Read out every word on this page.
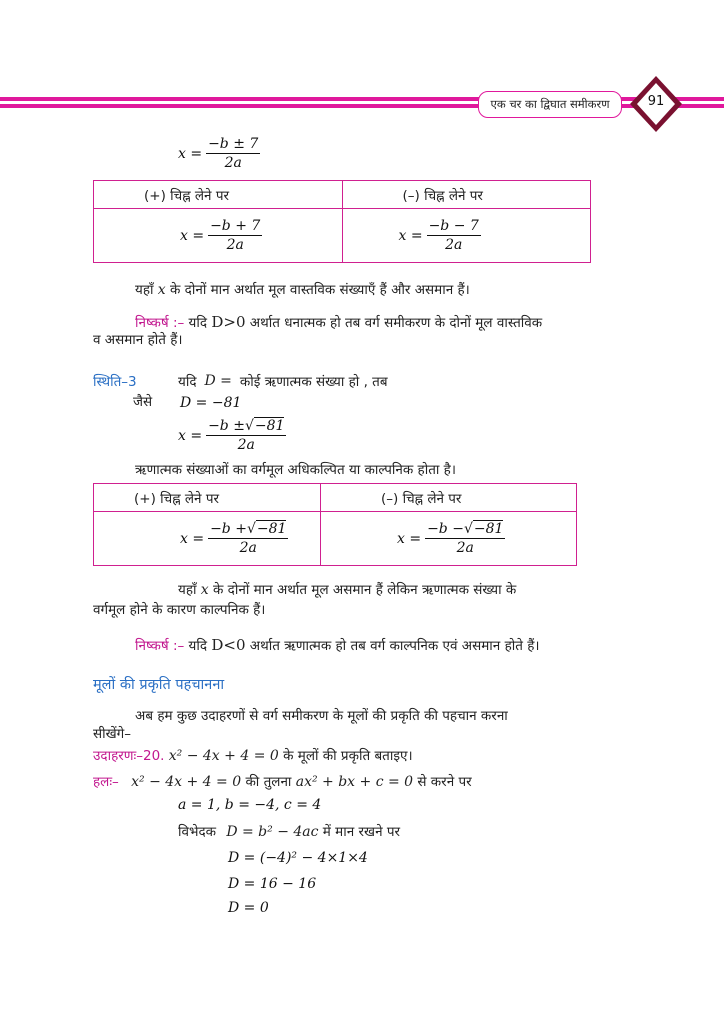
एक चर का द्विघात समीकरण	91
$x = \frac{-b \pm 7}{2a}$
(+) चिह्न लेने पर	(–) चिह्न लेने पर

$x = \frac{-b + 7}{2a}$	$x = \frac{-b - 7}{2a}$
यहाँ x के दोनों मान अर्थात मूल वास्तविक संख्याएँ हैं और असमान हैं।
निष्कर्ष :– यदि D>0 अर्थात धनात्मक हो तब वर्ग समीकरण के दोनों मूल वास्तविक
व असमान होते हैं।
स्थिति–3	यदि D = कोई ऋणात्मक संख्या हो , तब
जैसे D = −81
$x = \frac{-b \pm√-81}{2a}$
ऋणात्मक संख्याओं का वर्गमूल अधिकल्पित या काल्पनिक होता है।
(+) चिह्न लेने पर	(–) चिह्न लेने पर

$x = \frac{-b +√-81}{2a}$	$x = \frac{-b -√-81}{2a}$
यहाँ x के दोनों मान अर्थात मूल असमान हैं लेकिन ऋणात्मक संख्या के
वर्गमूल होने के कारण काल्पनिक हैं।
निष्कर्ष :– यदि D<0 अर्थात ऋणात्मक हो तब वर्ग काल्पनिक एवं असमान होते हैं।
मूलों की प्रकृति पहचानना
अब हम कुछ उदाहरणों से वर्ग समीकरण के मूलों की प्रकृति की पहचान करना
सीखेंगे–
उदाहरणः–20. x² − 4x + 4 = 0 के मूलों की प्रकृति बताइए।
हलः– x² − 4x + 4 = 0 की तुलना ax² + bx + c = 0 से करने पर
a = 1, b = −4, c = 4
विभेदक D = b² − 4ac में मान रखने पर
D = (−4)² − 4×1×4
D = 16 − 16
D = 0
